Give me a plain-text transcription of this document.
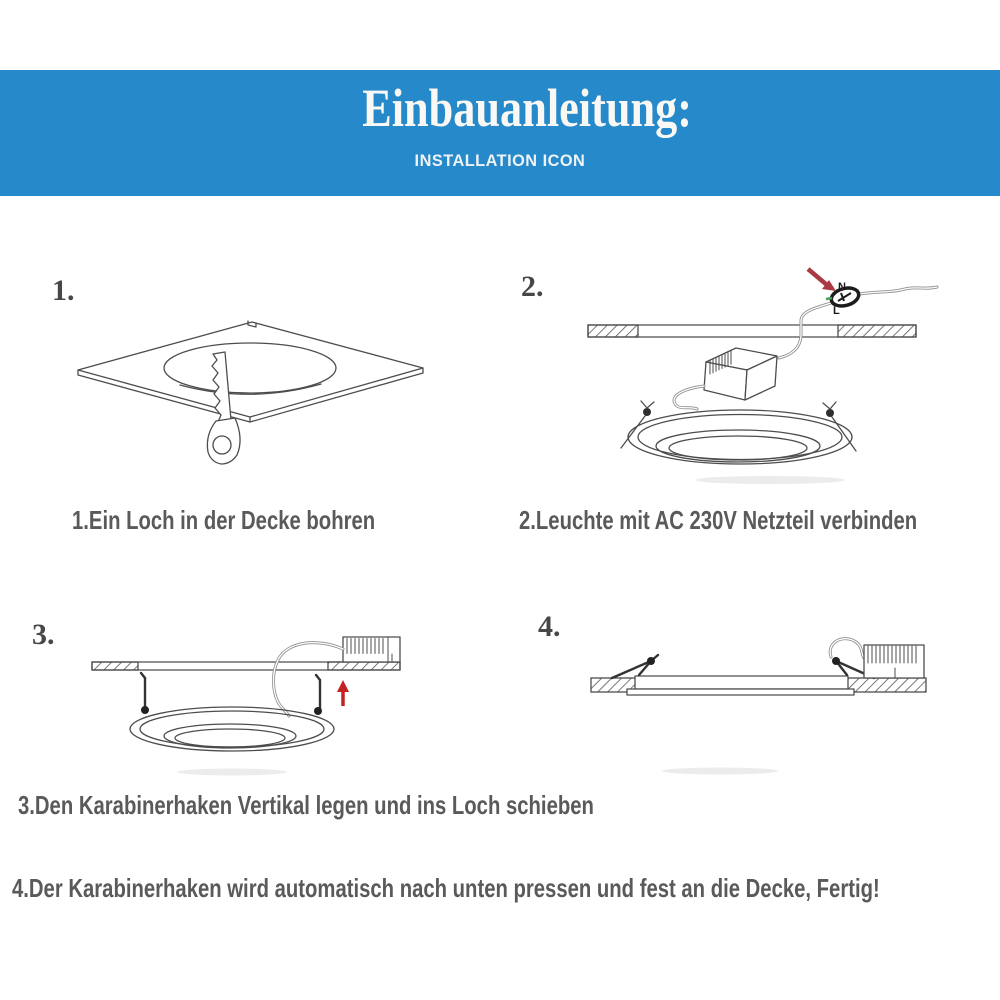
Einbauanleitung:
INSTALLATION ICON
1.	2.
3.	4.
N
L

1.Ein Loch in der Decke bohren	2.Leuchte mit AC 230V Netzteil verbinden

3.Den Karabinerhaken Vertikal legen und ins Loch schieben

4.Der Karabinerhaken wird automatisch nach unten pressen und fest an die Decke, Fertig!
